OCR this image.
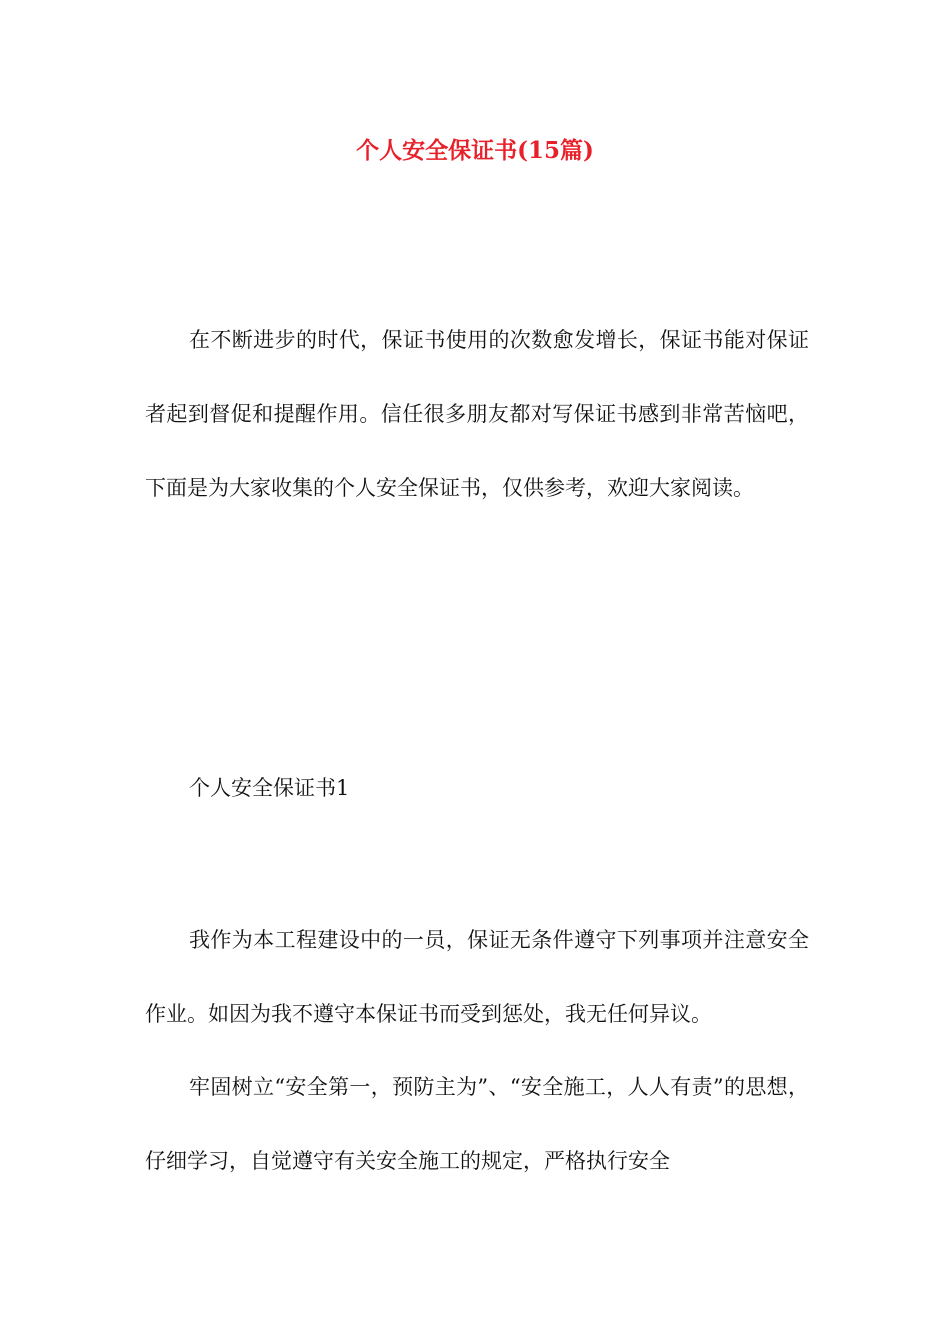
个人安全保证书(15篇)

在不断进步的时代，保证书使用的次数愈发增长，保证书能对保证者起到督促和提醒作用。信任很多朋友都对写保证书感到非常苦恼吧，下面是为大家收集的个人安全保证书，仅供参考，欢迎大家阅读。

个人安全保证书1

我作为本工程建设中的一员，保证无条件遵守下列事项并注意安全作业。如因为我不遵守本保证书而受到惩处，我无任何异议。

牢固树立“安全第一，预防主为”、“安全施工，人人有责”的思想，仔细学习，自觉遵守有关安全施工的规定，严格执行安全
